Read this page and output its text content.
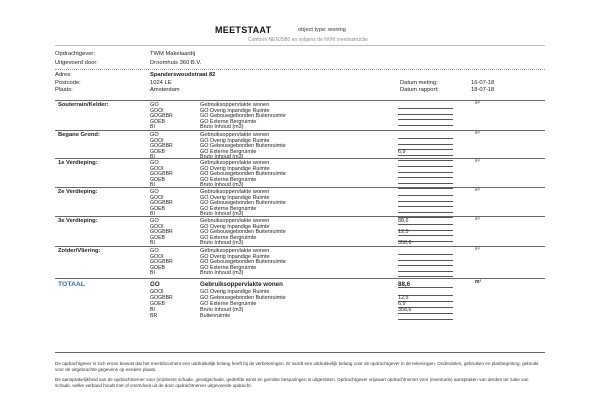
MEETSTAAT	object type: woning
Conform NEN2580 en volgens de NVM meetinstructie
Opdrachtgever:	TWM Makelaardij
Uitgevoerd door:	Droomhuis 360 B.V.
Adres:	Spanderswoudstraat 82
Postcode:	1024 LE	Datum meting:	16-07-18
Plaats:	Amsterdam	Datum rapport:	18-07-18
Souterrain/Kelder:	GO	Gebruiksoppervlakte wonen	m²
GOOI	GO Overig Inpandige Ruimte
GOGBBR	GO Gebouwgebonden Buitenruimte
GOEB	GO Externe Bergruimte
BI	Bruto Inhoud (m3)
Begane Grond:	GO	Gebruiksoppervlakte wonen	m²
GOOI	GO Overig Inpandige Ruimte
GOGBBR	GO Gebouwgebonden Buitenruimte
GOEB	GO Externe Bergruimte	6,9
BI	Bruto Inhoud (m3)
1e Verdieping:	GO	Gebruiksoppervlakte wonen	m²
GOOI	GO Overig Inpandige Ruimte
GOGBBR	GO Gebouwgebonden Buitenruimte
GOEB	GO Externe Bergruimte
BI	Bruto Inhoud (m3)
2e Verdieping:	GO	Gebruiksoppervlakte wonen	m²
GOOI	GO Overig Inpandige Ruimte
GOGBBR	GO Gebouwgebonden Buitenruimte
GOEB	GO Externe Bergruimte
BI	Bruto Inhoud (m3)
3e Verdieping:	GO	Gebruiksoppervlakte wonen	88,6	m²
GOOI	GO Overig Inpandige Ruimte
GOGBBR	GO Gebouwgebonden Buitenruimte	12,5
GOEB	GO Externe Bergruimte
BI	Bruto Inhoud (m3)	358,6
Zolder/Vliering:	GO	Gebruiksoppervlakte wonen	m²
GOOI	GO Overig Inpandige Ruimte
GOGBBR	GO Gebouwgebonden Buitenruimte
GOEB	GO Externe Bergruimte
BI	Bruto Inhoud (m3)
TOTAAL	GO	Gebruiksoppervlakte wonen	88,6	m²
GOOI	GO Overig Inpandige Ruimte
GOGBBR	GO Gebouwgebonden Buitenruimte	12,5
GOEB	GO Externe Bergruimte	6,9
BI	Bruto Inhoud (m3)	358,6
BR	Buitenruimte
De opdrachtgever is zich ervan bewust dat het meetdocument een uitdrukkelijk belang heeft bij de verbeteringen. Er wordt een uitdrukkelijk belang voor de opdrachtgever in de tekeningen. Onderdelen, gebruiken en planbegroting, gebruikt voor de uitgebrachte gegevens op eerdere plaats.
De aansprakelijkheid van de opdrachtnemer voor (in)directe schade, gevolgschade, gederfde winst en gemiste besparingen is uitgesloten. Opdrachtgever vrijwaart opdrachtnemer voor (eventuele) aanspraken van derden ter zake van schade, welke verband houdt met of voortvloeit uit de door opdrachtnemer uitgevoerde opdracht.
